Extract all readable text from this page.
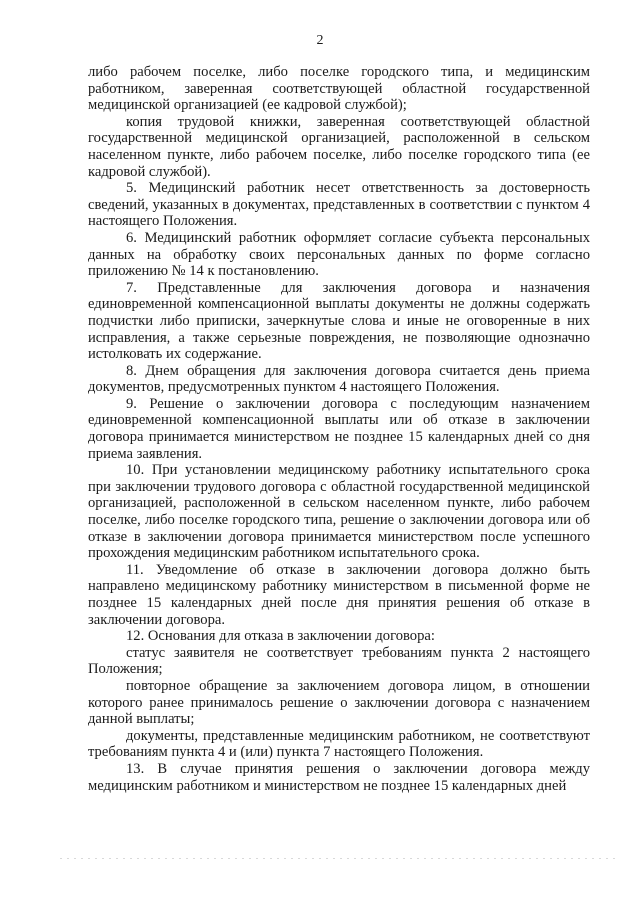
2

либо рабочем поселке, либо поселке городского типа, и медицинским работником, заверенная соответствующей областной государственной медицинской организацией (ее кадровой службой);

копия трудовой книжки, заверенная соответствующей областной государственной медицинской организацией, расположенной в сельском населенном пункте, либо рабочем поселке, либо поселке городского типа (ее кадровой службой).

5. Медицинский работник несет ответственность за достоверность сведений, указанных в документах, представленных в соответствии с пунктом 4 настоящего Положения.

6. Медицинский работник оформляет согласие субъекта персональных данных на обработку своих персональных данных по форме согласно приложению № 14 к постановлению.

7. Представленные для заключения договора и назначения единовременной компенсационной выплаты документы не должны содержать подчистки либо приписки, зачеркнутые слова и иные не оговоренные в них исправления, а также серьезные повреждения, не позволяющие однозначно истолковать их содержание.

8. Днем обращения для заключения договора считается день приема документов, предусмотренных пунктом 4 настоящего Положения.

9. Решение о заключении договора с последующим назначением единовременной компенсационной выплаты или об отказе в заключении договора принимается министерством не позднее 15 календарных дней со дня приема заявления.

10. При установлении медицинскому работнику испытательного срока при заключении трудового договора с областной государственной медицинской организацией, расположенной в сельском населенном пункте, либо рабочем поселке, либо поселке городского типа, решение о заключении договора или об отказе в заключении договора принимается министерством после успешного прохождения медицинским работником испытательного срока.

11. Уведомление об отказе в заключении договора должно быть направлено медицинскому работнику министерством в письменной форме не позднее 15 календарных дней после дня принятия решения об отказе в заключении договора.

12. Основания для отказа в заключении договора:

статус заявителя не соответствует требованиям пункта 2 настоящего Положения;

повторное обращение за заключением договора лицом, в отношении которого ранее принималось решение о заключении договора с назначением данной выплаты;

документы, представленные медицинским работником, не соответствуют требованиям пункта 4 и (или) пункта 7 настоящего Положения.

13. В случае принятия решения о заключении договора между медицинским работником и министерством не позднее 15 календарных дней
